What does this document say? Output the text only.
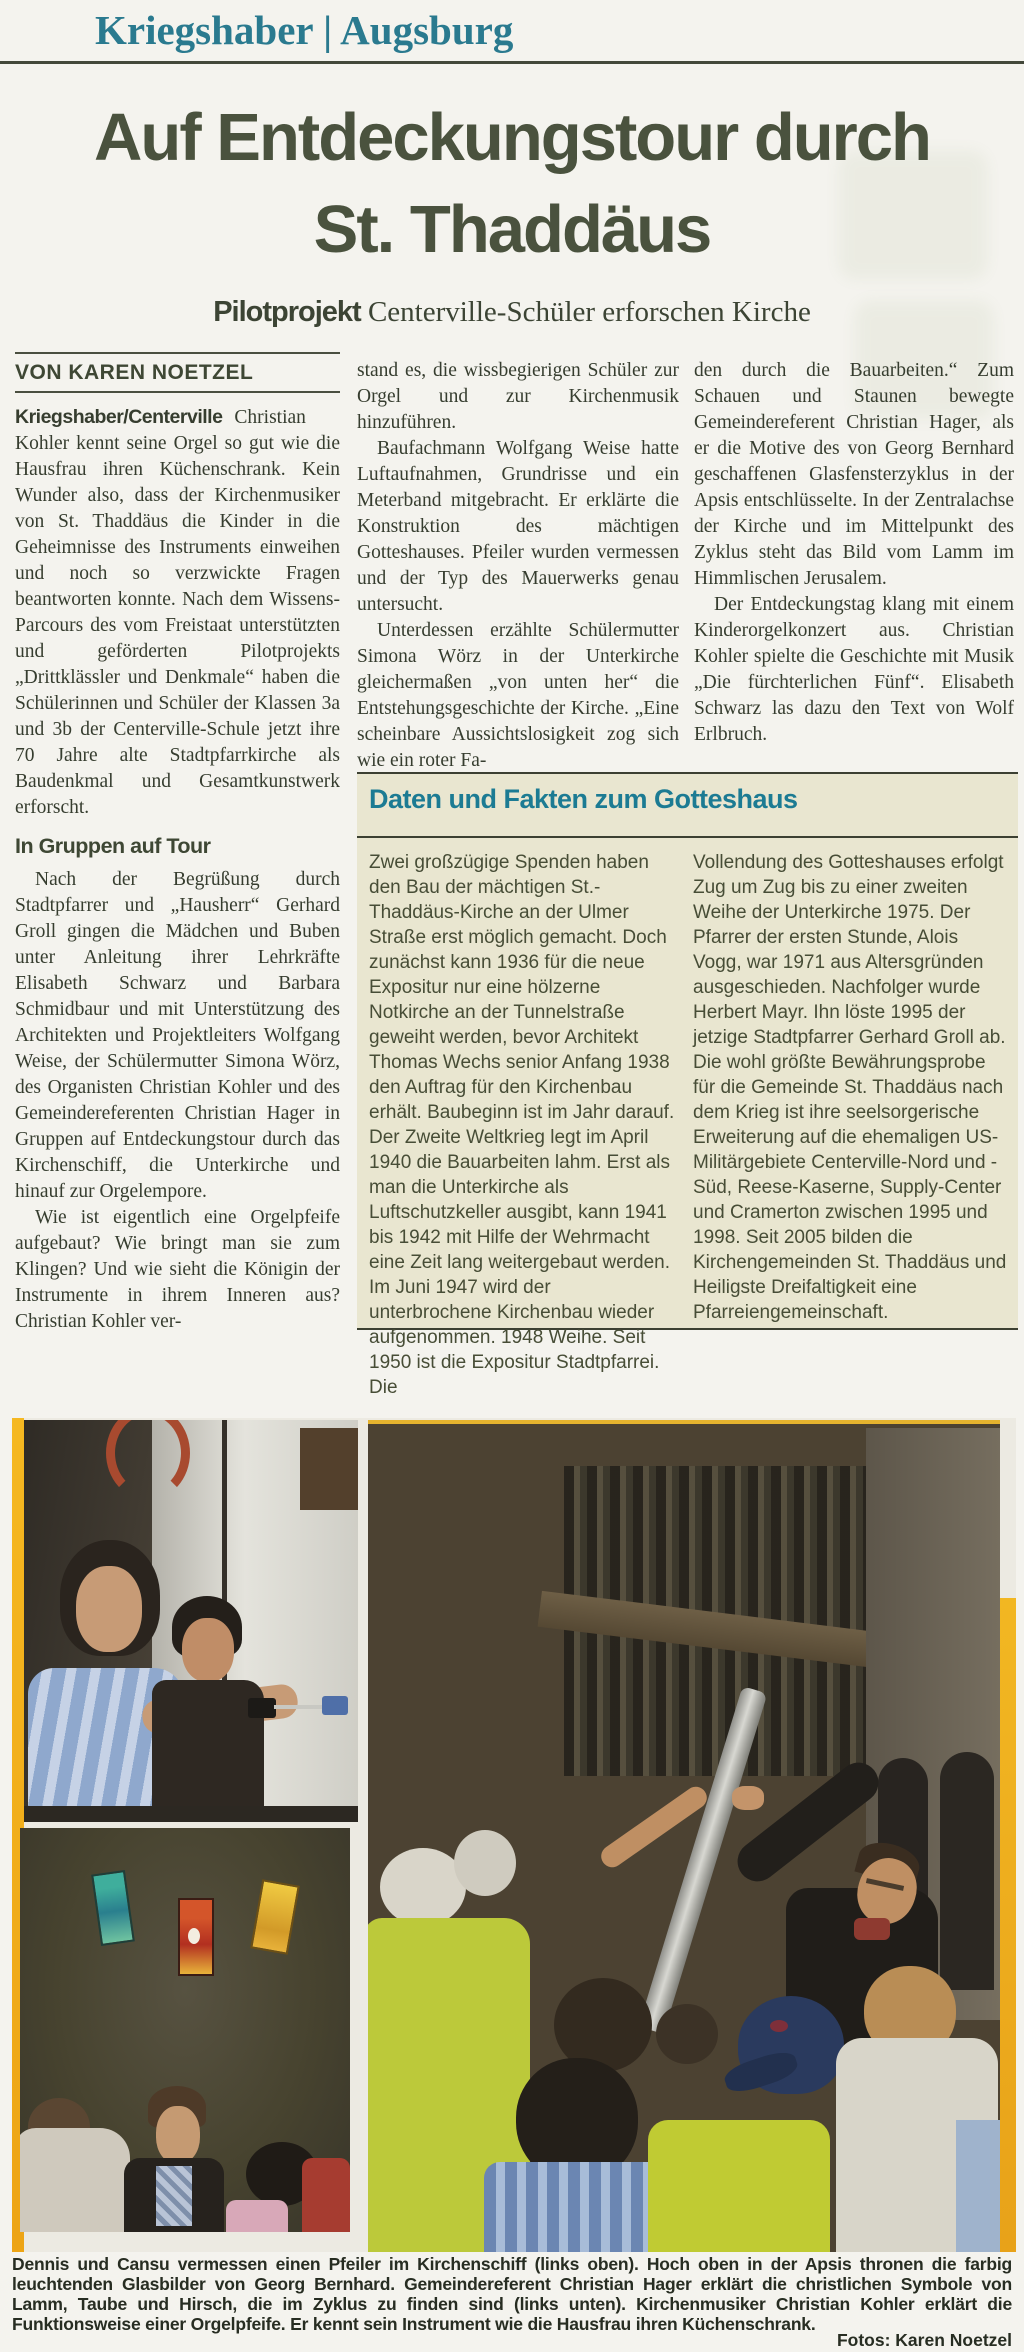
Kriegshaber | Augsburg
Auf Entdeckungstour durch
St. Thaddäus
Pilotprojekt Centerville-Schüler erforschen Kirche
VON KAREN NOETZEL

Kriegshaber/Centerville Christian Kohler kennt seine Orgel so gut wie die Hausfrau ihren Küchenschrank. Kein Wunder also, dass der Kirchenmusiker von St. Thaddäus die Kinder in die Geheimnisse des Instruments einweihen und noch so verzwickte Fragen beantworten konnte. Nach dem Wissens-Parcours des vom Freistaat unterstützten und geförderten Pilotprojekts „Drittklässler und Denkmale“ haben die Schülerinnen und Schüler der Klassen 3a und 3b der Centerville-Schule jetzt ihre 70 Jahre alte Stadtpfarrkirche als Baudenkmal und Gesamtkunstwerk erforscht.

In Gruppen auf Tour

Nach der Begrüßung durch Stadtpfarrer und „Hausherr“ Gerhard Groll gingen die Mädchen und Buben unter Anleitung ihrer Lehrkräfte Elisabeth Schwarz und Barbara Schmidbaur und mit Unterstützung des Architekten und Projektleiters Wolfgang Weise, der Schülermutter Simona Wörz, des Organisten Christian Kohler und des Gemeindereferenten Christian Hager in Gruppen auf Entdeckungstour durch das Kirchenschiff, die Unterkirche und hinauf zur Orgelempore.

Wie ist eigentlich eine Orgelpfeife aufgebaut? Wie bringt man sie zum Klingen? Und wie sieht die Königin der Instrumente in ihrem Inneren aus? Christian Kohler ver-

stand es, die wissbegierigen Schüler zur Orgel und zur Kirchenmusik hinzuführen.

Baufachmann Wolfgang Weise hatte Luftaufnahmen, Grundrisse und ein Meterband mitgebracht. Er erklärte die Konstruktion des mächtigen Gotteshauses. Pfeiler wurden vermessen und der Typ des Mauerwerks genau untersucht.

Unterdessen erzählte Schülermutter Simona Wörz in der Unterkirche gleichermaßen „von unten her“ die Entstehungsgeschichte der Kirche. „Eine scheinbare Aussichtslosigkeit zog sich wie ein roter Fa-

den durch die Bauarbeiten.“ Zum Schauen und Staunen bewegte Gemeindereferent Christian Hager, als er die Motive des von Georg Bernhard geschaffenen Glasfensterzyklus in der Apsis entschlüsselte. In der Zentralachse der Kirche und im Mittelpunkt des Zyklus steht das Bild vom Lamm im Himmlischen Jerusalem.

Der Entdeckungstag klang mit einem Kinderorgelkonzert aus. Christian Kohler spielte die Geschichte mit Musik „Die fürchterlichen Fünf“. Elisabeth Schwarz las dazu den Text von Wolf Erlbruch.

Daten und Fakten zum Gotteshaus
Zwei großzügige Spenden haben den Bau der mächtigen St.-Thaddäus-Kirche an der Ulmer Straße erst möglich gemacht. Doch zunächst kann 1936 für die neue Expositur nur eine hölzerne Notkirche an der Tunnelstraße geweiht werden, bevor Architekt Thomas Wechs senior Anfang 1938 den Auftrag für den Kirchenbau erhält. Baubeginn ist im Jahr darauf. Der Zweite Weltkrieg legt im April 1940 die Bauarbeiten lahm. Erst als man die Unterkirche als Luftschutzkeller ausgibt, kann 1941 bis 1942 mit Hilfe der Wehrmacht eine Zeit lang weitergebaut werden. Im Juni 1947 wird der unterbrochene Kirchenbau wieder aufgenommen. 1948 Weihe. Seit 1950 ist die Expositur Stadtpfarrei. Die
Vollendung des Gotteshauses erfolgt Zug um Zug bis zu einer zweiten Weihe der Unterkirche 1975. Der Pfarrer der ersten Stunde, Alois Vogg, war 1971 aus Altersgründen ausgeschieden. Nachfolger wurde Herbert Mayr. Ihn löste 1995 der jetzige Stadtpfarrer Gerhard Groll ab. Die wohl größte Bewährungsprobe für die Gemeinde St. Thaddäus nach dem Krieg ist ihre seelsorgerische Erweiterung auf die ehemaligen US-Militärgebiete Centerville-Nord und -Süd, Reese-Kaserne, Supply-Center und Cramerton zwischen 1995 und 1998. Seit 2005 bilden die Kirchengemeinden St. Thaddäus und Heiligste Dreifaltigkeit eine Pfarreiengemeinschaft.
Dennis und Cansu vermessen einen Pfeiler im Kirchenschiff (links oben). Hoch oben in der Apsis thronen die farbig leuchtenden Glasbilder von Georg Bernhard. Gemeindereferent Christian Hager erklärt die christlichen Symbole von Lamm, Taube und Hirsch, die im Zyklus zu finden sind (links unten). Kirchenmusiker Christian Kohler erklärt die Funktionsweise einer Orgelpfeife. Er kennt sein Instrument wie die Hausfrau ihren Küchenschrank.
Fotos: Karen Noetzel
